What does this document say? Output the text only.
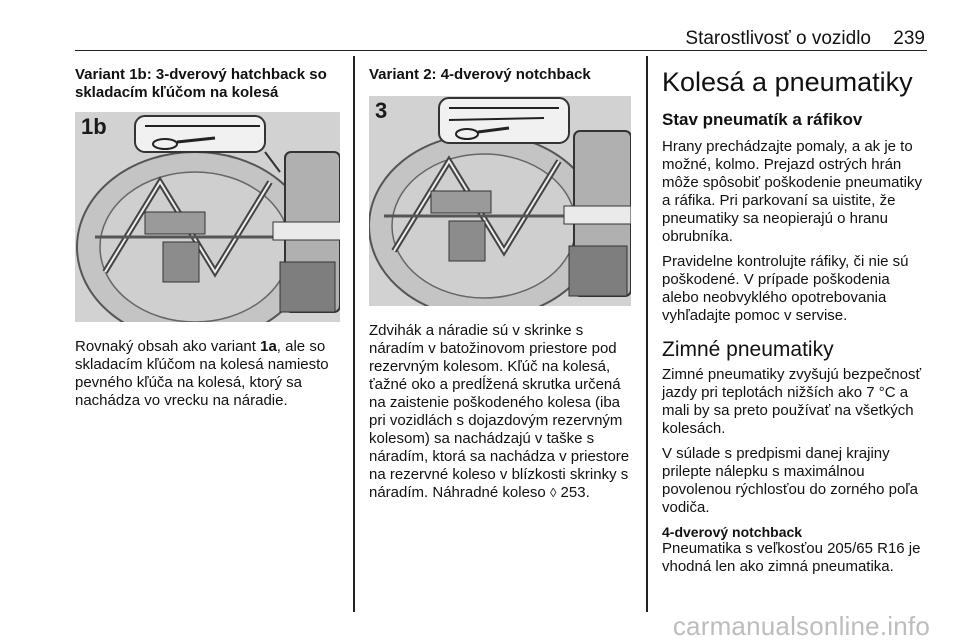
Starostlivosť o vozidlo 239

Variant 1b: 3-dverový hatchback so skladacím kľúčom na kolesá

1b

Rovnaký obsah ako variant 1a, ale so skladacím kľúčom na kolesá namiesto pevného kľúča na kolesá, ktorý sa nachádza vo vrecku na náradie.

Variant 2: 4-dverový notchback

3

Zdvihák a náradie sú v skrinke s náradím v batožinovom priestore pod rezervným kolesom. Kľúč na kolesá, ťažné oko a predĺžená skrutka určená na zaistenie poškodeného kolesa (iba pri vozidlách s dojazdovým rezervným kolesom) sa nachádzajú v taške s náradím, ktorá sa nachádza v priestore na rezervné koleso v blízkosti skrinky s náradím. Náhradné koleso ◊ 253.

Kolesá a pneumatiky
Stav pneumatík a ráfikov

Hrany prechádzajte pomaly, a ak je to možné, kolmo. Prejazd ostrých hrán môže spôsobiť poškodenie pneumatiky a ráfika. Pri parkovaní sa uistite, že pneumatiky sa neopierajú o hranu obrubníka.

Pravidelne kontrolujte ráfiky, či nie sú poškodené. V prípade poškodenia alebo neobvyklého opotrebovania vyhľadajte pomoc v servise.

Zimné pneumatiky

Zimné pneumatiky zvyšujú bezpečnosť jazdy pri teplotách nižších ako 7 °C a mali by sa preto používať na všetkých kolesách.

V súlade s predpismi danej krajiny prilepte nálepku s maximálnou povolenou rýchlosťou do zorného poľa vodiča.

4-dverový notchback

Pneumatika s veľkosťou 205/65 R16 je vhodná len ako zimná pneumatika.

carmanualsonline.info
